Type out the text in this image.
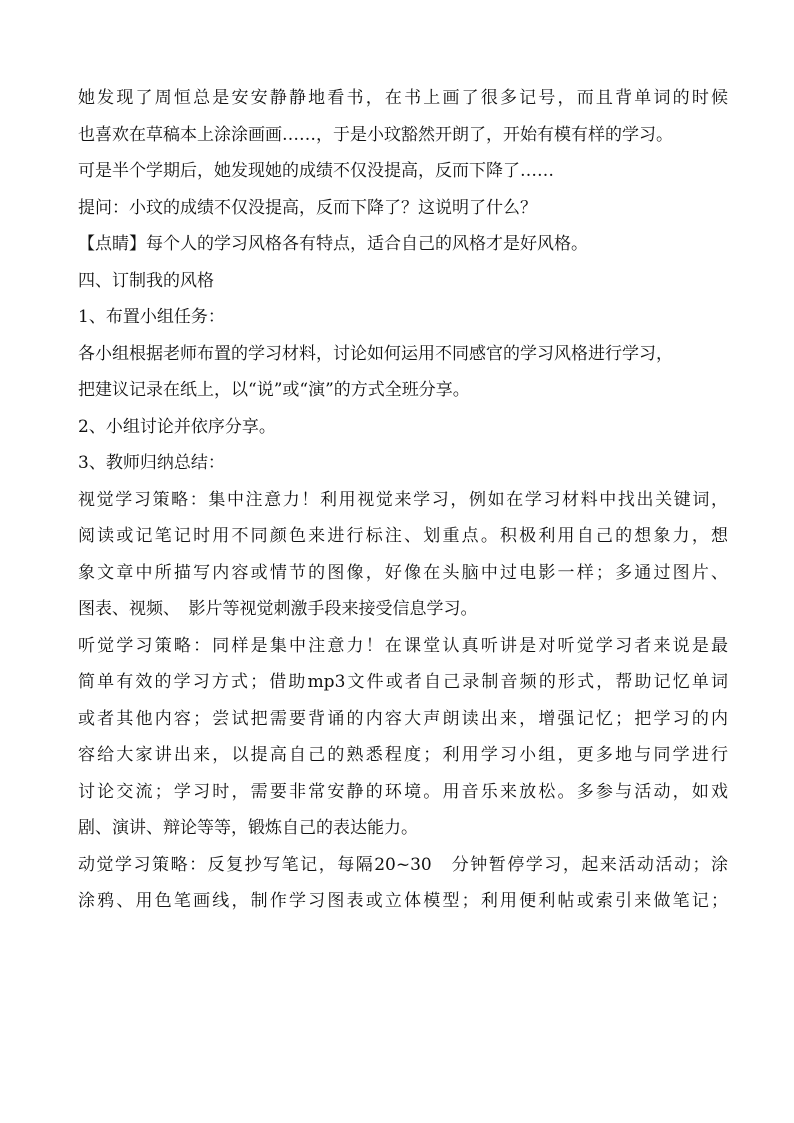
她发现了周恒总是安安静静地看书，在书上画了很多记号，而且背单词的时候
也喜欢在草稿本上涂涂画画……，于是小玟豁然开朗了，开始有模有样的学习。
可是半个学期后，她发现她的成绩不仅没提高，反而下降了……
提问：小玟的成绩不仅没提高，反而下降了？这说明了什么？
【点睛】每个人的学习风格各有特点，适合自己的风格才是好风格。
四、订制我的风格
1、布置小组任务：
各小组根据老师布置的学习材料，讨论如何运用不同感官的学习风格进行学习，
把建议记录在纸上，以“说”或“演”的方式全班分享。
2、小组讨论并依序分享。
3、教师归纳总结：
视觉学习策略：集中注意力！利用视觉来学习，例如在学习材料中找出关键词，
阅读或记笔记时用不同颜色来进行标注、划重点。积极利用自己的想象力，想
象文章中所描写内容或情节的图像，好像在头脑中过电影一样；多通过图片、
图表、视频、　影片等视觉刺激手段来接受信息学习。
听觉学习策略：同样是集中注意力！在课堂认真听讲是对听觉学习者来说是最
简单有效的学习方式；借助mp3文件或者自己录制音频的形式，帮助记忆单词
或者其他内容；尝试把需要背诵的内容大声朗读出来，增强记忆；把学习的内
容给大家讲出来，以提高自己的熟悉程度；利用学习小组，更多地与同学进行
讨论交流；学习时，需要非常安静的环境。用音乐来放松。多参与活动，如戏
剧、演讲、辩论等等，锻炼自己的表达能力。
动觉学习策略：反复抄写笔记，每隔20~30　分钟暂停学习，起来活动活动；涂
涂鸦、用色笔画线，制作学习图表或立体模型；利用便利帖或索引来做笔记；
